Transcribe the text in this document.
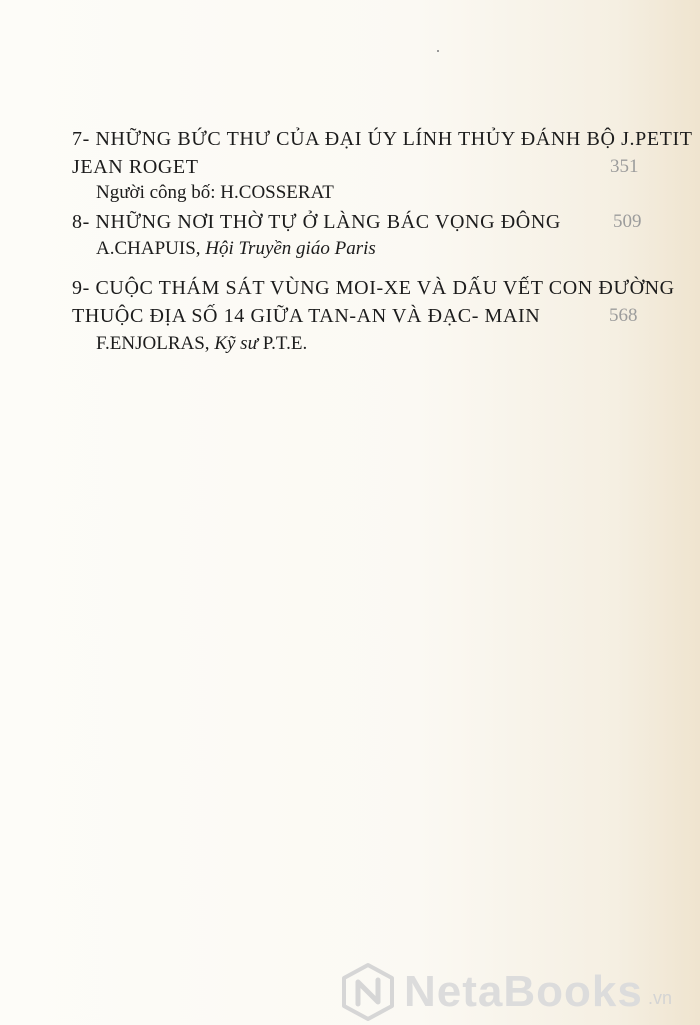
7- NHỮNG BỨC THƯ CỦA ĐẠI ÚY LÍNH THỦY ĐÁNH BỘ J.PETIT
JEAN ROGET	351
Người công bố: H.COSSERAT
8- NHỮNG NƠI THỜ TỰ Ở LÀNG BÁC VỌNG ĐÔNG	509
A.CHAPUIS, Hội Truyền giáo Paris
9- CUỘC THÁM SÁT VÙNG MOI-XE VÀ DẤU VẾT CON ĐƯỜNG
THUỘC ĐỊA SỐ 14 GIỮA TAN-AN VÀ ĐẠC- MAIN	568
F.ENJOLRAS, Kỹ sư P.T.E.
NetaBooks .vn
